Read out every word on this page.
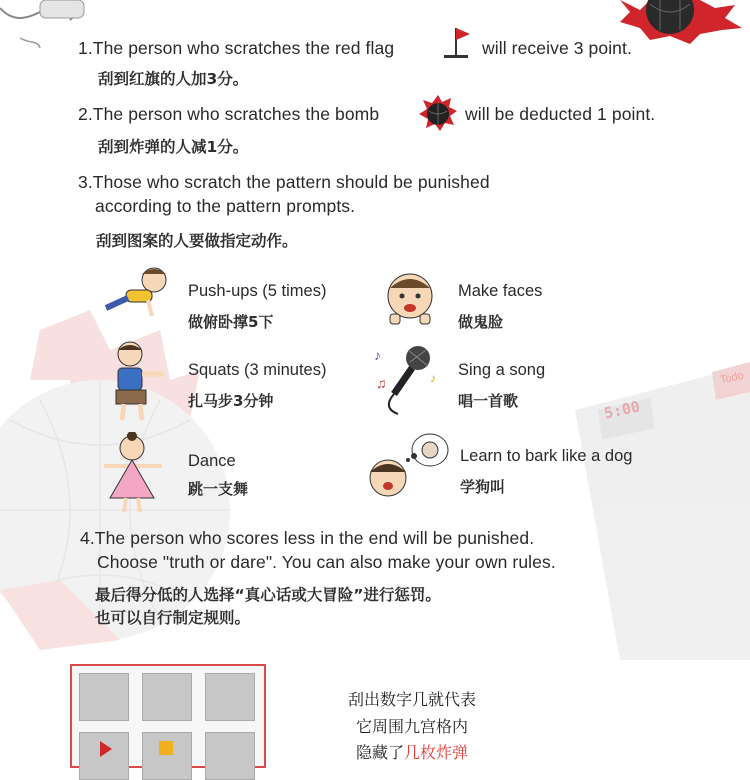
5:00
Todo
1.The person who scratches the red flag	will receive 3 point.
刮到红旗的人加3分。
2.The person who scratches the bomb	will be deducted 1 point.
刮到炸弹的人减1分。
3.Those who scratch the pattern should be punished
according to the pattern prompts.
刮到图案的人要做指定动作。
♪
♫	♪
Push-ups (5 times)
做俯卧撑5下
Make faces
做鬼脸
Squats (3 minutes)
扎马步3分钟
Sing a song
唱一首歌
Dance
跳一支舞
Learn to bark like a dog
学狗叫
4.The person who scores less in the end will be punished.
Choose "truth or dare". You can also make your own rules.
最后得分低的人选择“真心话或大冒险”进行惩罚。
也可以自行制定规则。
刮出数字几就代表
它周围九宫格内
隐藏了几枚炸弹
